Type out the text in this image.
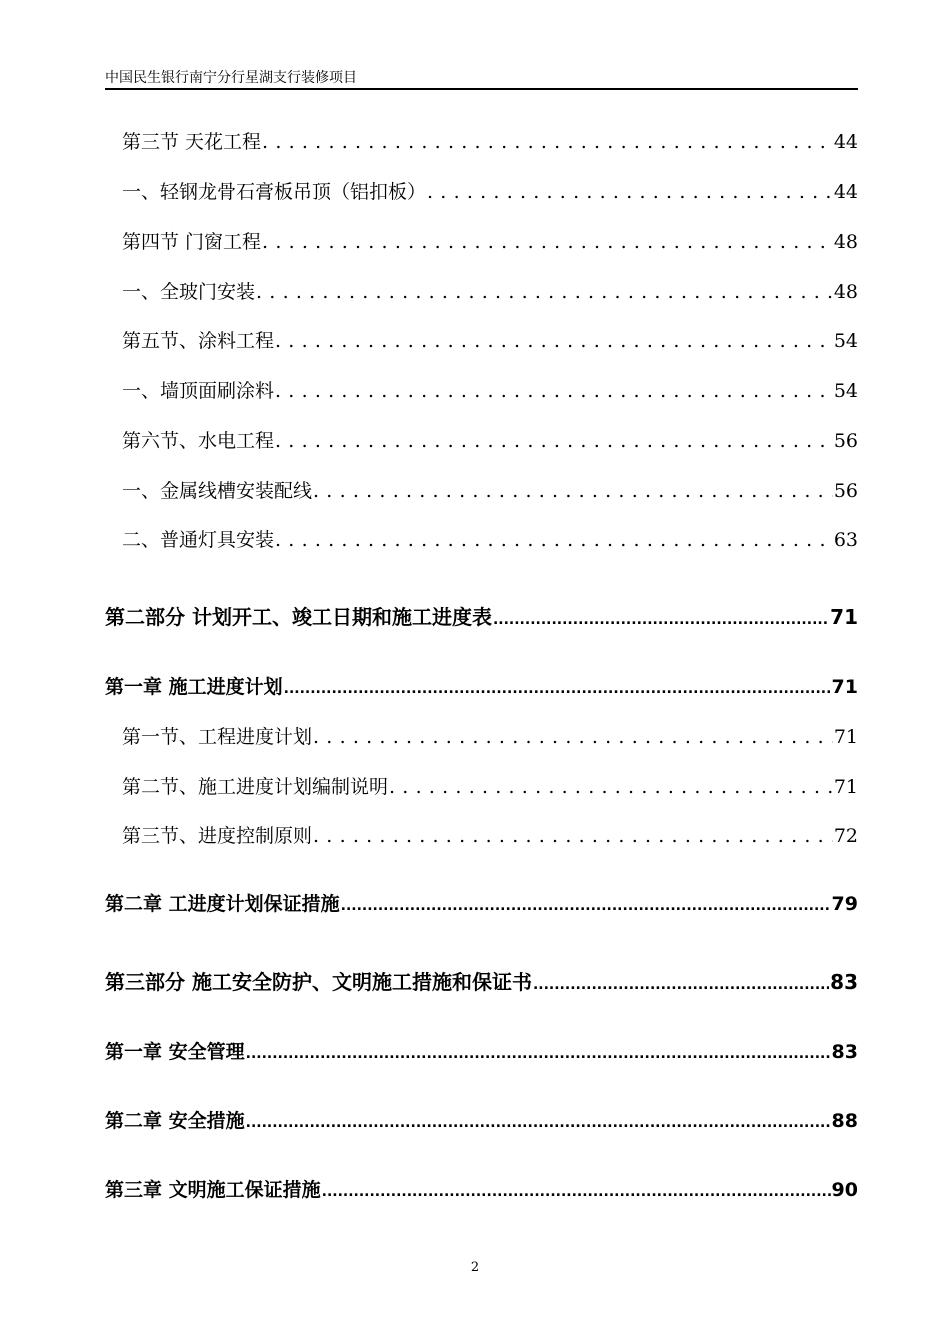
中国民生银行南宁分行星湖支行装修项目
第三节 天花工程 . . .	44
一、轻钢龙骨石膏板吊顶（铝扣板） . . .	44
第四节 门窗工程 . . .	48
一、全玻门安装 . . .	48
第五节、涂料工程 . . .	54
一、墙顶面刷涂料 . . .	54
第六节、水电工程 . . .	56
一、金属线槽安装配线 . . .	56
二、普通灯具安装 . . .	63
第二部分 计划开工、竣工日期和施工进度表 .....	71
第一章 施工进度计划 .....	71
第一节、工程进度计划 . . .	71
第二节、施工进度计划编制说明 . . .	71
第三节、进度控制原则 . . .	72
第二章 工进度计划保证措施 .....	79
第三部分 施工安全防护、文明施工措施和保证书 .....	83
第一章 安全管理 .....	83
第二章 安全措施 .....	88
第三章 文明施工保证措施 .....	90
2
